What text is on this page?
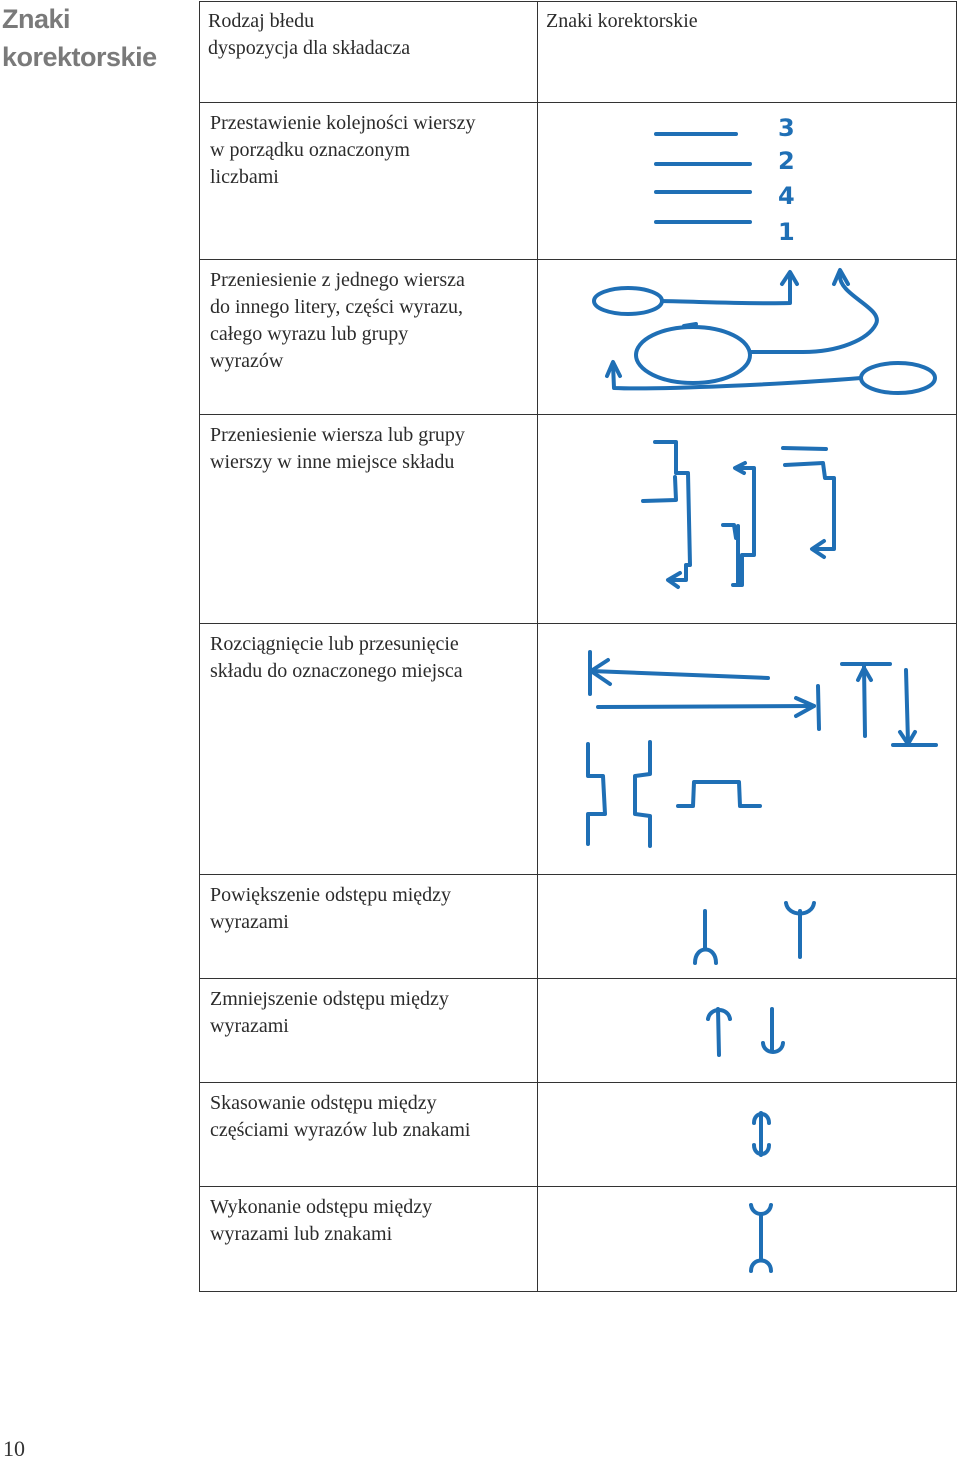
Znaki
korektorskie
Rodzaj błedu
dyspozycja dla składacza	Znaki korektorskie

Przestawienie kolejności wierszy
w porządku oznaczonym
liczbami	3
2
4
1

Przeniesienie z jednego wiersza
do innego litery, części wyrazu,
całego wyrazu lub grupy
wyrazów

Przeniesienie wiersza lub grupy
wierszy w inne miejsce składu

Rozciągnięcie lub przesunięcie
składu do oznaczonego miejsca

Powiększenie odstępu między
wyrazami

Zmniejszenie odstępu między
wyrazami

Skasowanie odstępu między
częściami wyrazów lub znakami

Wykonanie odstępu między
wyrazami lub znakami

10
